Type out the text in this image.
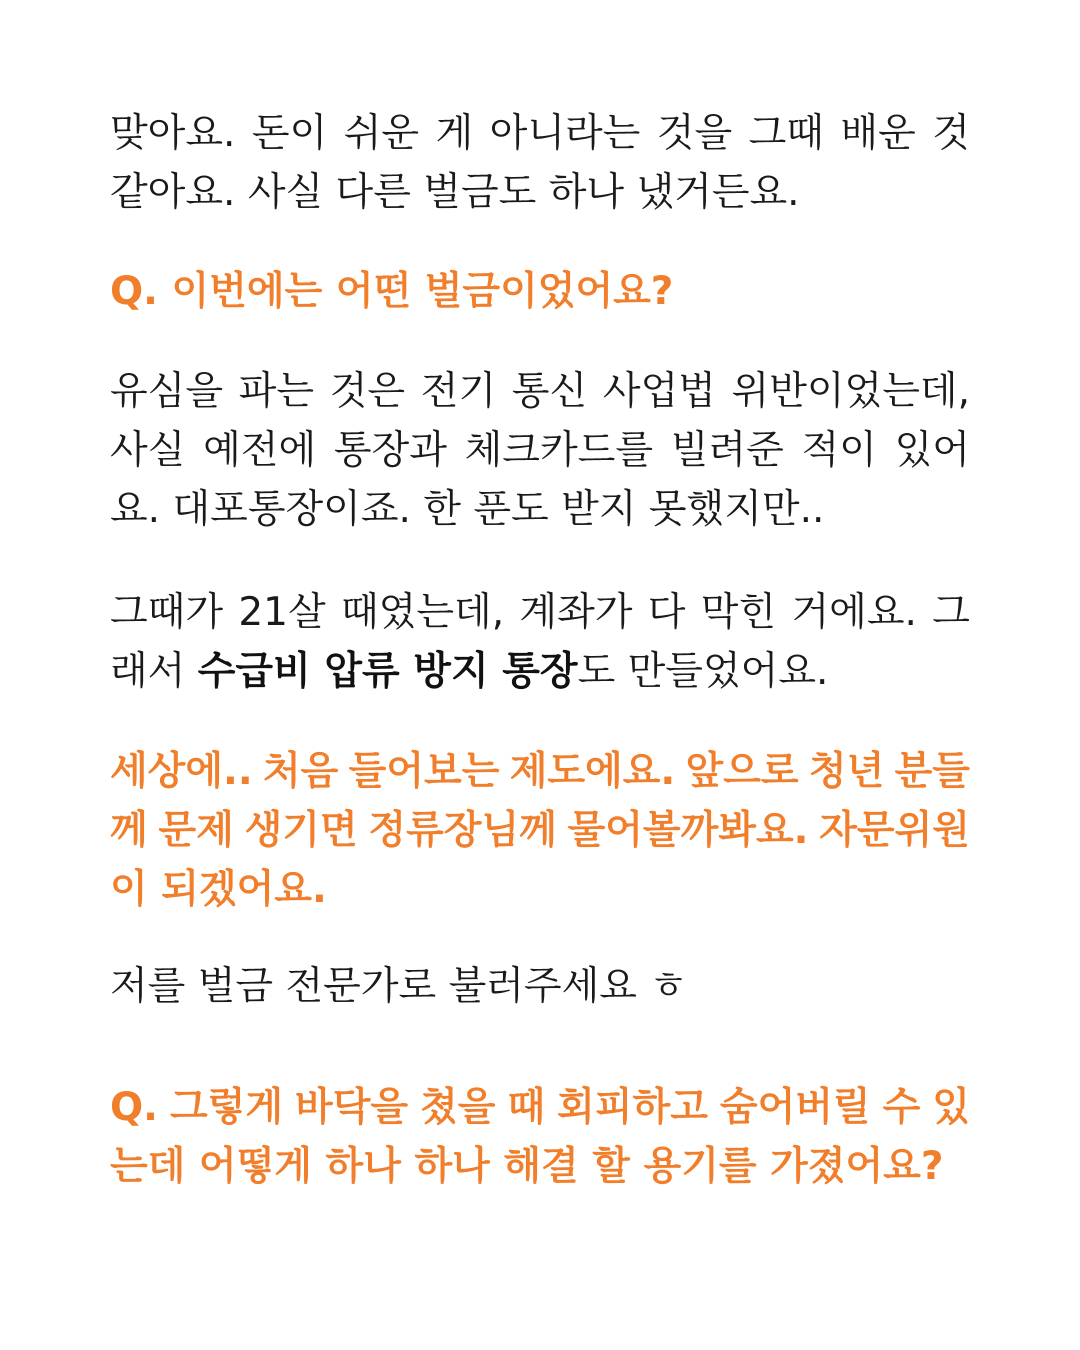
맞아요. 돈이 쉬운 게 아니라는 것을 그때 배운 것
같아요. 사실 다른 벌금도 하나 냈거든요.
Q. 이번에는 어떤 벌금이었어요?
유심을 파는 것은 전기 통신 사업법 위반이었는데,
사실 예전에 통장과 체크카드를 빌려준 적이 있어
요. 대포통장이죠. 한 푼도 받지 못했지만..
그때가 21살 때였는데, 계좌가 다 막힌 거에요. 그
래서 수급비 압류 방지 통장도 만들었어요.
세상에.. 처음 들어보는 제도에요. 앞으로 청년 분들
께 문제 생기면 정류장님께 물어볼까봐요. 자문위원
이 되겠어요.
저를 벌금 전문가로 불러주세요 ㅎ
Q. 그렇게 바닥을 쳤을 때 회피하고 숨어버릴 수 있
는데 어떻게 하나 하나 해결 할 용기를 가졌어요?
